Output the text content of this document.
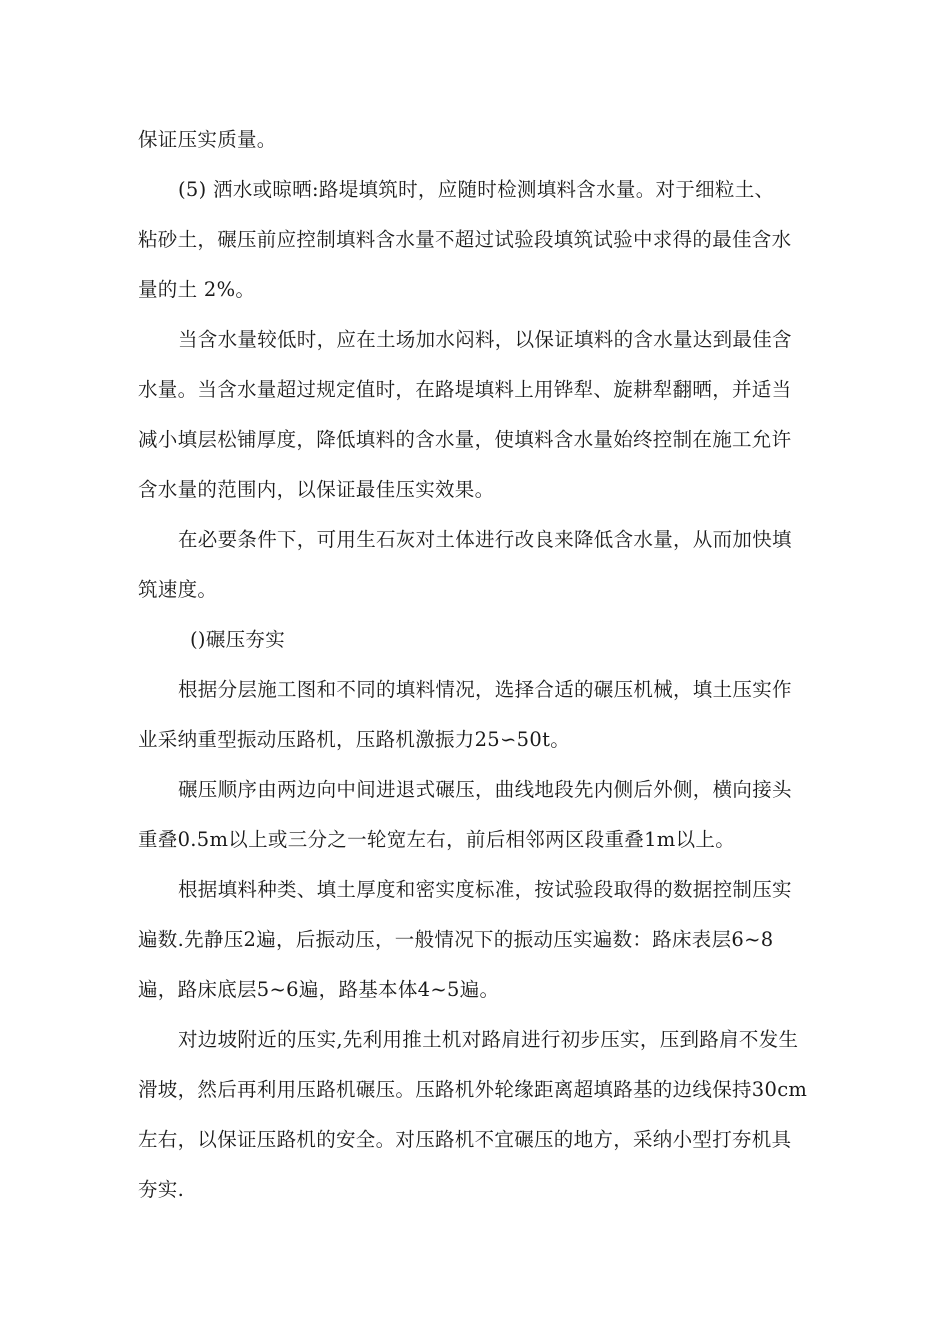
保证压实质量。
(5) 洒水或晾晒:路堤填筑时，应随时检测填料含水量。对于细粒土、
粘砂土，碾压前应控制填料含水量不超过试验段填筑试验中求得的最佳含水
量的土 2%。
当含水量较低时，应在土场加水闷料，以保证填料的含水量达到最佳含
水量。当含水量超过规定值时，在路堤填料上用铧犁、旋耕犁翻晒，并适当
减小填层松铺厚度，降低填料的含水量，使填料含水量始终控制在施工允许
含水量的范围内，以保证最佳压实效果。
在必要条件下，可用生石灰对土体进行改良来降低含水量，从而加快填
筑速度。
()碾压夯实
根据分层施工图和不同的填料情况，选择合适的碾压机械，填土压实作
业采纳重型振动压路机，压路机激振力25∽50t。
碾压顺序由两边向中间进退式碾压，曲线地段先内侧后外侧，横向接头
重叠0.5m以上或三分之一轮宽左右，前后相邻两区段重叠1m以上。
根据填料种类、填土厚度和密实度标准，按试验段取得的数据控制压实
遍数.先静压2遍，后振动压，一般情况下的振动压实遍数：路床表层6~8
遍，路床底层5~6遍，路基本体4~5遍。
对边坡附近的压实,先利用推土机对路肩进行初步压实，压到路肩不发生
滑坡，然后再利用压路机碾压。压路机外轮缘距离超填路基的边线保持30cm
左右，以保证压路机的安全。对压路机不宜碾压的地方，采纳小型打夯机具
夯实.
